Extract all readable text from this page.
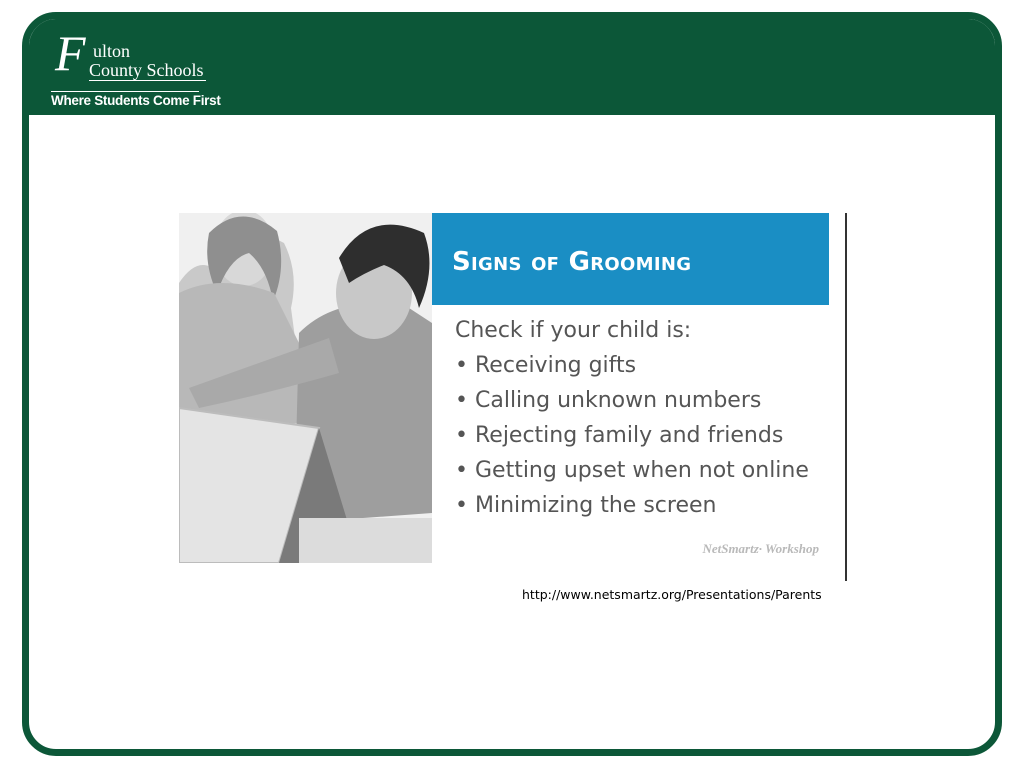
F ulton
County Schools
Where Students Come First
Signs of Grooming
Check if your child is:
• Receiving gifts
• Calling unknown numbers
• Rejecting family and friends
• Getting upset when not online
• Minimizing the screen
NetSmartz· Workshop
http://www.netsmartz.org/Presentations/Parents
